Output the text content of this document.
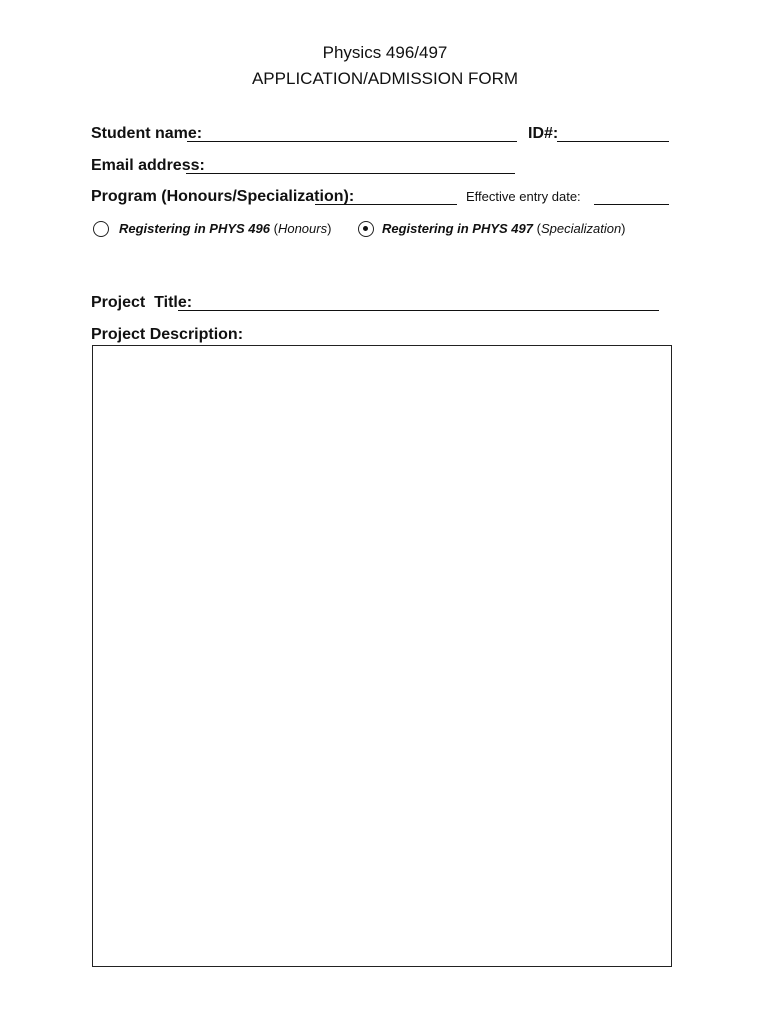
Physics 496/497
APPLICATION/ADMISSION FORM
Student name:	ID#:
Email address:
Program (Honours/Specialization):	Effective entry date:
Registering in PHYS 496 (Honours)	Registering in PHYS 497 (Specialization)
Project  Title:
Project Description:
